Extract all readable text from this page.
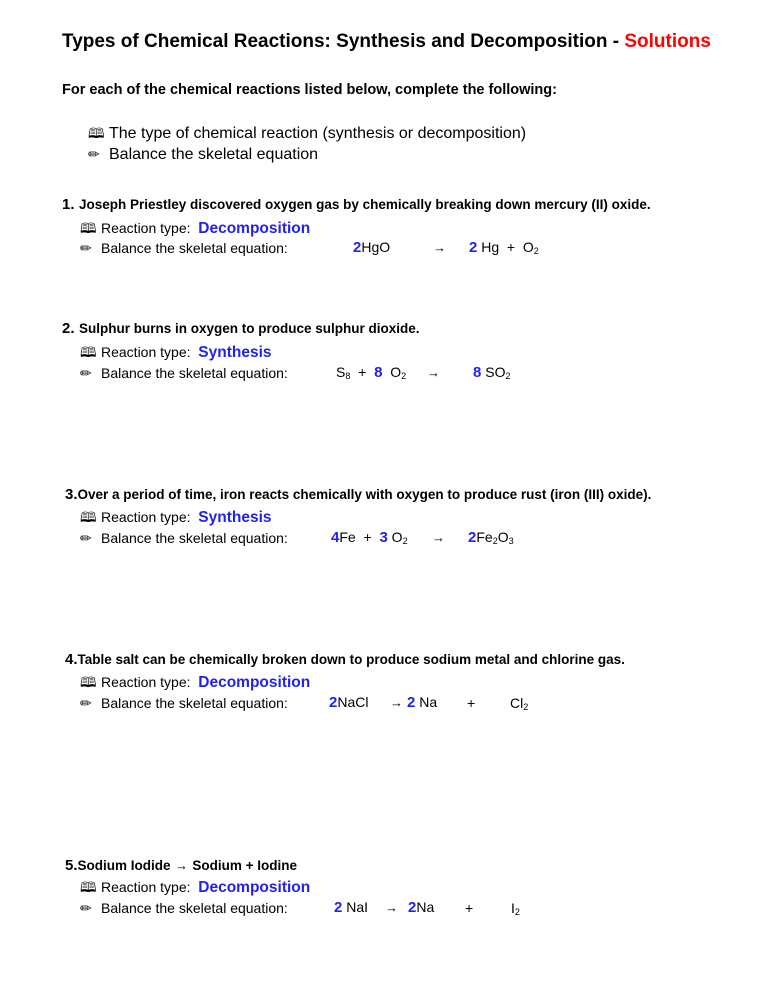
Types of Chemical Reactions: Synthesis and Decomposition - Solutions
For each of the chemical reactions listed below, complete the following:
🕮 The type of chemical reaction (synthesis or decomposition)
✏ Balance the skeletal equation
1. Joseph Priestley discovered oxygen gas by chemically breaking down mercury (II) oxide.
🕮 Reaction type: Decomposition
✏ Balance the skeletal equation:	2HgO	→ 2 $Hg + O_2$
2. Sulphur burns in oxygen to produce sulphur dioxide.
🕮 Reaction type: Synthesis
✏ Balance the skeletal equation:	$S_8 + 8$ $O_2 \to 8$ $SO_2$
3.Over a period of time, iron reacts chemically with oxygen to produce rust (iron (III) oxide).
🕮 Reaction type: Synthesis
✏ Balance the skeletal equation:	4Fe + 3 $O_2 \to 2Fe_2O_3$
4.Table salt can be chemically broken down to produce sodium metal and chlorine gas.
🕮 Reaction type: Decomposition
✏ Balance the skeletal equation:	2NaCl → 2 $Na + Cl_2$
5.Sodium Iodide → Sodium + Iodine
🕮 Reaction type: Decomposition
✏ Balance the skeletal equation:	2 NaI → 2Na +	$I_2$
